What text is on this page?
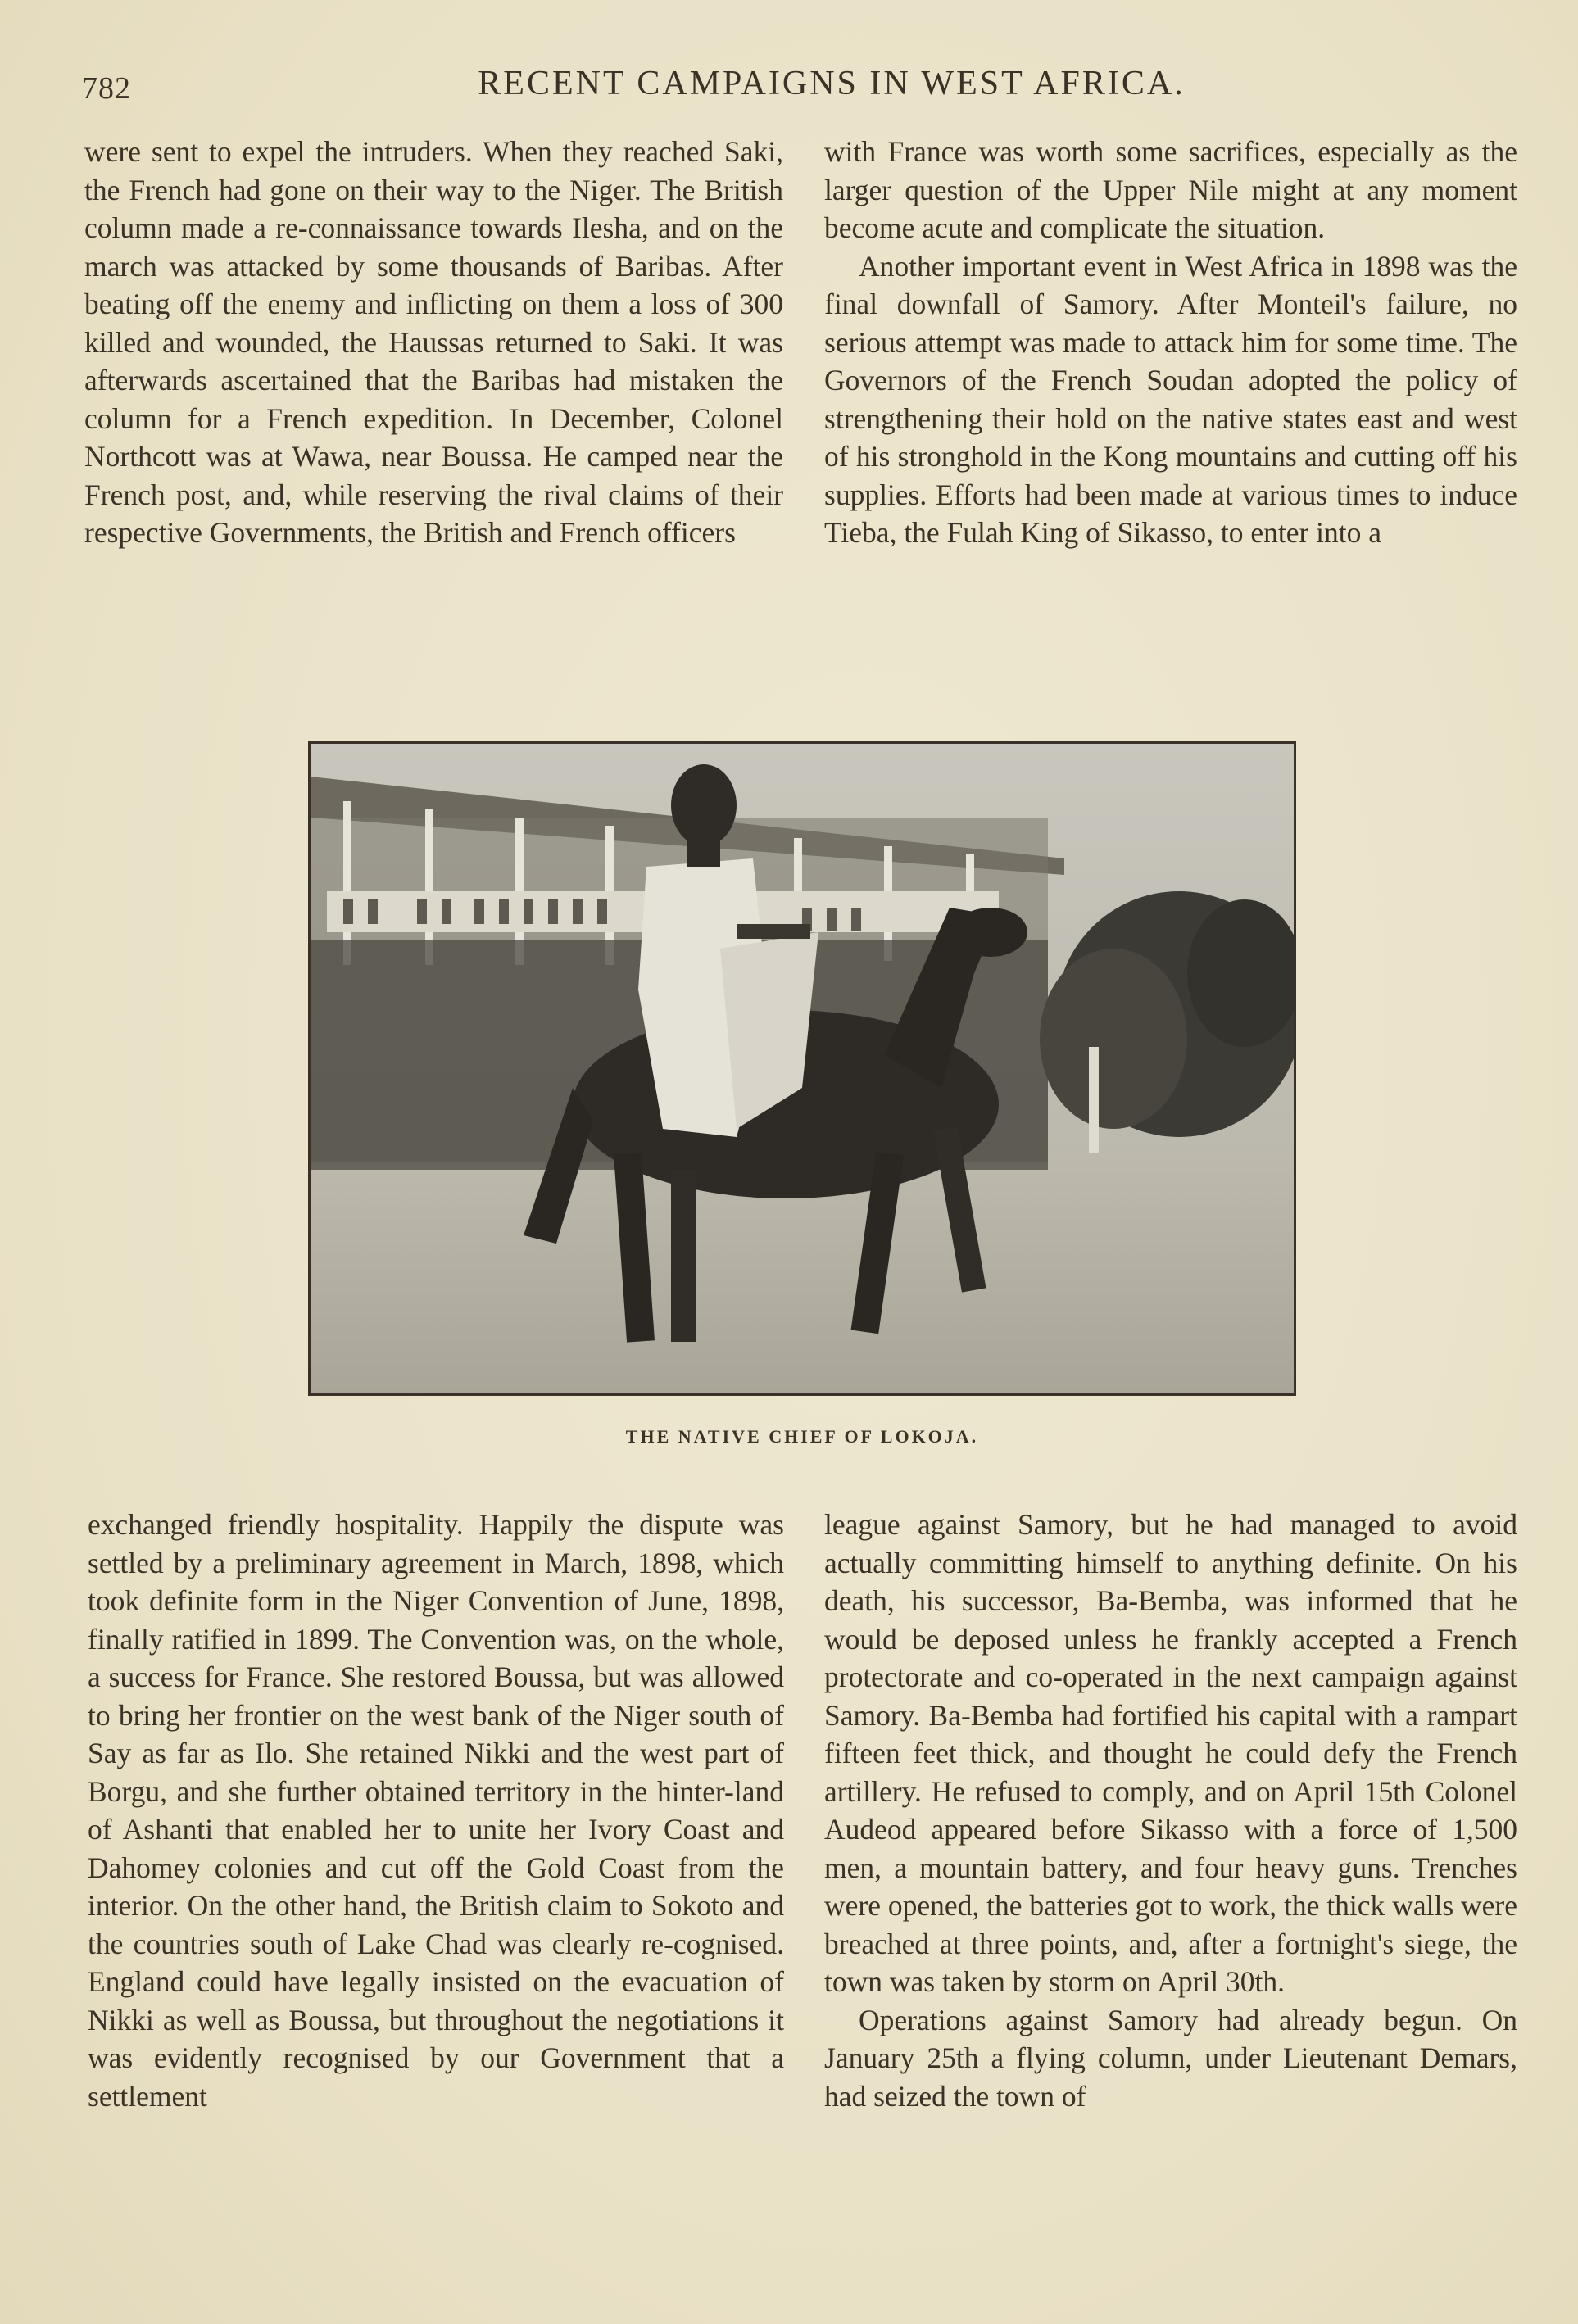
782	RECENT CAMPAIGNS IN WEST AFRICA.

were sent to expel the intruders. When they reached Saki, the French had gone on their way to the Niger. The British column made a re-connaissance towards Ilesha, and on the march was attacked by some thousands of Baribas. After beating off the enemy and inflicting on them a loss of 300 killed and wounded, the Haussas returned to Saki. It was afterwards ascertained that the Baribas had mistaken the column for a French expedition. In December, Colonel Northcott was at Wawa, near Boussa. He camped near the French post, and, while reserving the rival claims of their respective Governments, the British and French officers

with France was worth some sacrifices, especially as the larger question of the Upper Nile might at any moment become acute and complicate the situation.

Another important event in West Africa in 1898 was the final downfall of Samory. After Monteil's failure, no serious attempt was made to attack him for some time. The Governors of the French Soudan adopted the policy of strengthening their hold on the native states east and west of his stronghold in the Kong mountains and cutting off his supplies. Efforts had been made at various times to induce Tieba, the Fulah King of Sikasso, to enter into a

THE NATIVE CHIEF OF LOKOJA.

exchanged friendly hospitality. Happily the dispute was settled by a preliminary agreement in March, 1898, which took definite form in the Niger Convention of June, 1898, finally ratified in 1899. The Convention was, on the whole, a success for France. She restored Boussa, but was allowed to bring her frontier on the west bank of the Niger south of Say as far as Ilo. She retained Nikki and the west part of Borgu, and she further obtained territory in the hinter-land of Ashanti that enabled her to unite her Ivory Coast and Dahomey colonies and cut off the Gold Coast from the interior. On the other hand, the British claim to Sokoto and the countries south of Lake Chad was clearly re-cognised. England could have legally insisted on the evacuation of Nikki as well as Boussa, but throughout the negotiations it was evidently recognised by our Government that a settlement

league against Samory, but he had managed to avoid actually committing himself to anything definite. On his death, his successor, Ba-Bemba, was informed that he would be deposed unless he frankly accepted a French protectorate and co-operated in the next campaign against Samory. Ba-Bemba had fortified his capital with a rampart fifteen feet thick, and thought he could defy the French artillery. He refused to comply, and on April 15th Colonel Audeod appeared before Sikasso with a force of 1,500 men, a mountain battery, and four heavy guns. Trenches were opened, the batteries got to work, the thick walls were breached at three points, and, after a fortnight's siege, the town was taken by storm on April 30th.

Operations against Samory had already begun. On January 25th a flying column, under Lieutenant Demars, had seized the town of
